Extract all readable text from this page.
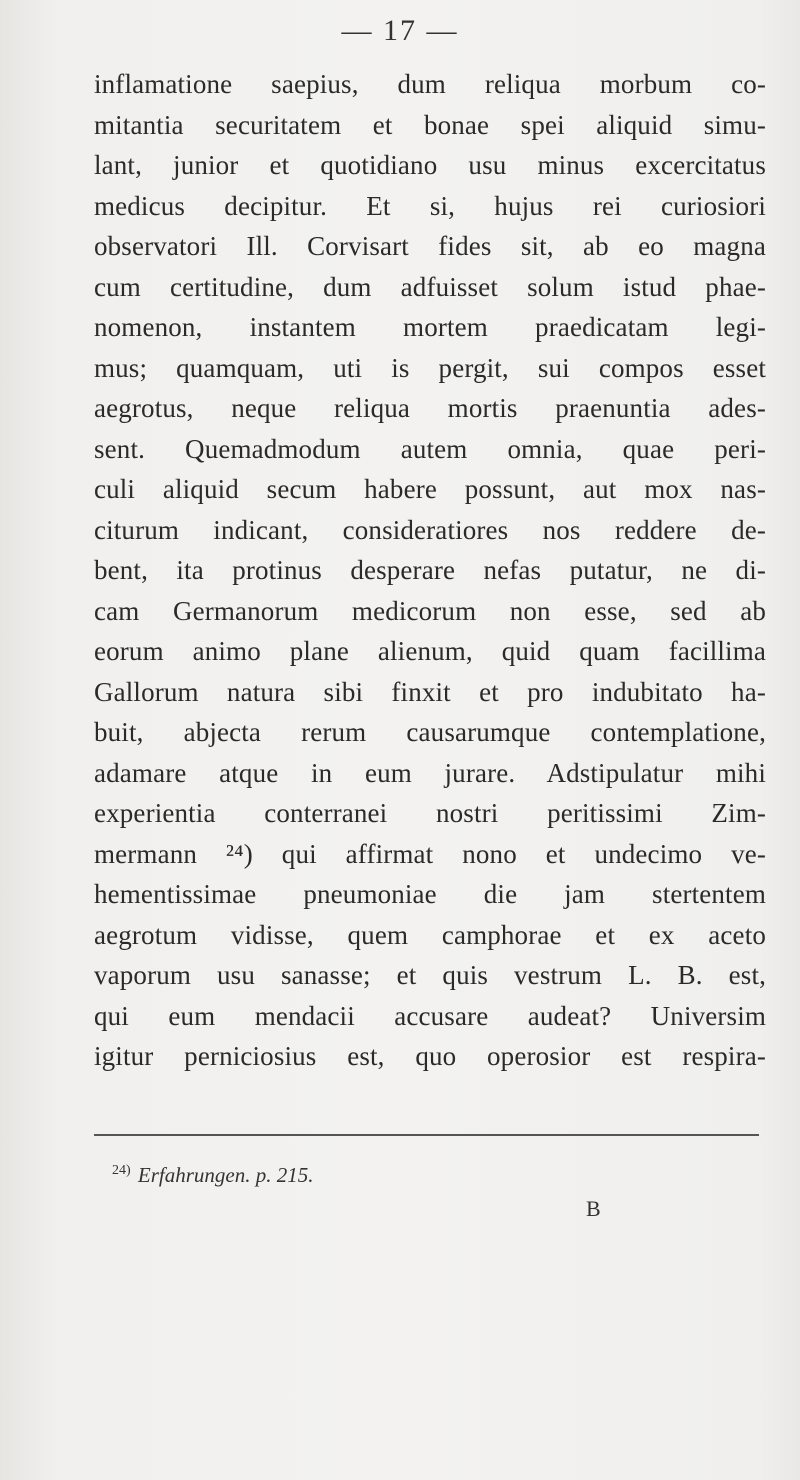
— 17 —
inflamatione saepius, dum reliqua morbum co-
mitantia securitatem et bonae spei aliquid simu-
lant, junior et quotidiano usu minus excercitatus
medicus decipitur. Et si, hujus rei curiosiori
observatori Ill. Corvisart fides sit, ab eo magna
cum certitudine, dum adfuisset solum istud phae-
nomenon, instantem mortem praedicatam legi-
mus; quamquam, uti is pergit, sui compos esset
aegrotus, neque reliqua mortis praenuntia ades-
sent. Quemadmodum autem omnia, quae peri-
culi aliquid secum habere possunt, aut mox nas-
citurum indicant, consideratiores nos reddere de-
bent, ita protinus desperare nefas putatur, ne di-
cam Germanorum medicorum non esse, sed ab
eorum animo plane alienum, quid quam facillima
Gallorum natura sibi finxit et pro indubitato ha-
buit, abjecta rerum causarumque contemplatione,
adamare atque in eum jurare. Adstipulatur mihi
experientia conterranei nostri peritissimi Zim-
mermann ²⁴) qui affirmat nono et undecimo ve-
hementissimae pneumoniae die jam stertentem
aegrotum vidisse, quem camphorae et ex aceto
vaporum usu sanasse; et quis vestrum L. B. est,
qui eum mendacii accusare audeat? Universim
igitur perniciosius est, quo operosior est respira-
$^{24)}$ Erfahrungen. p. 215.
B
